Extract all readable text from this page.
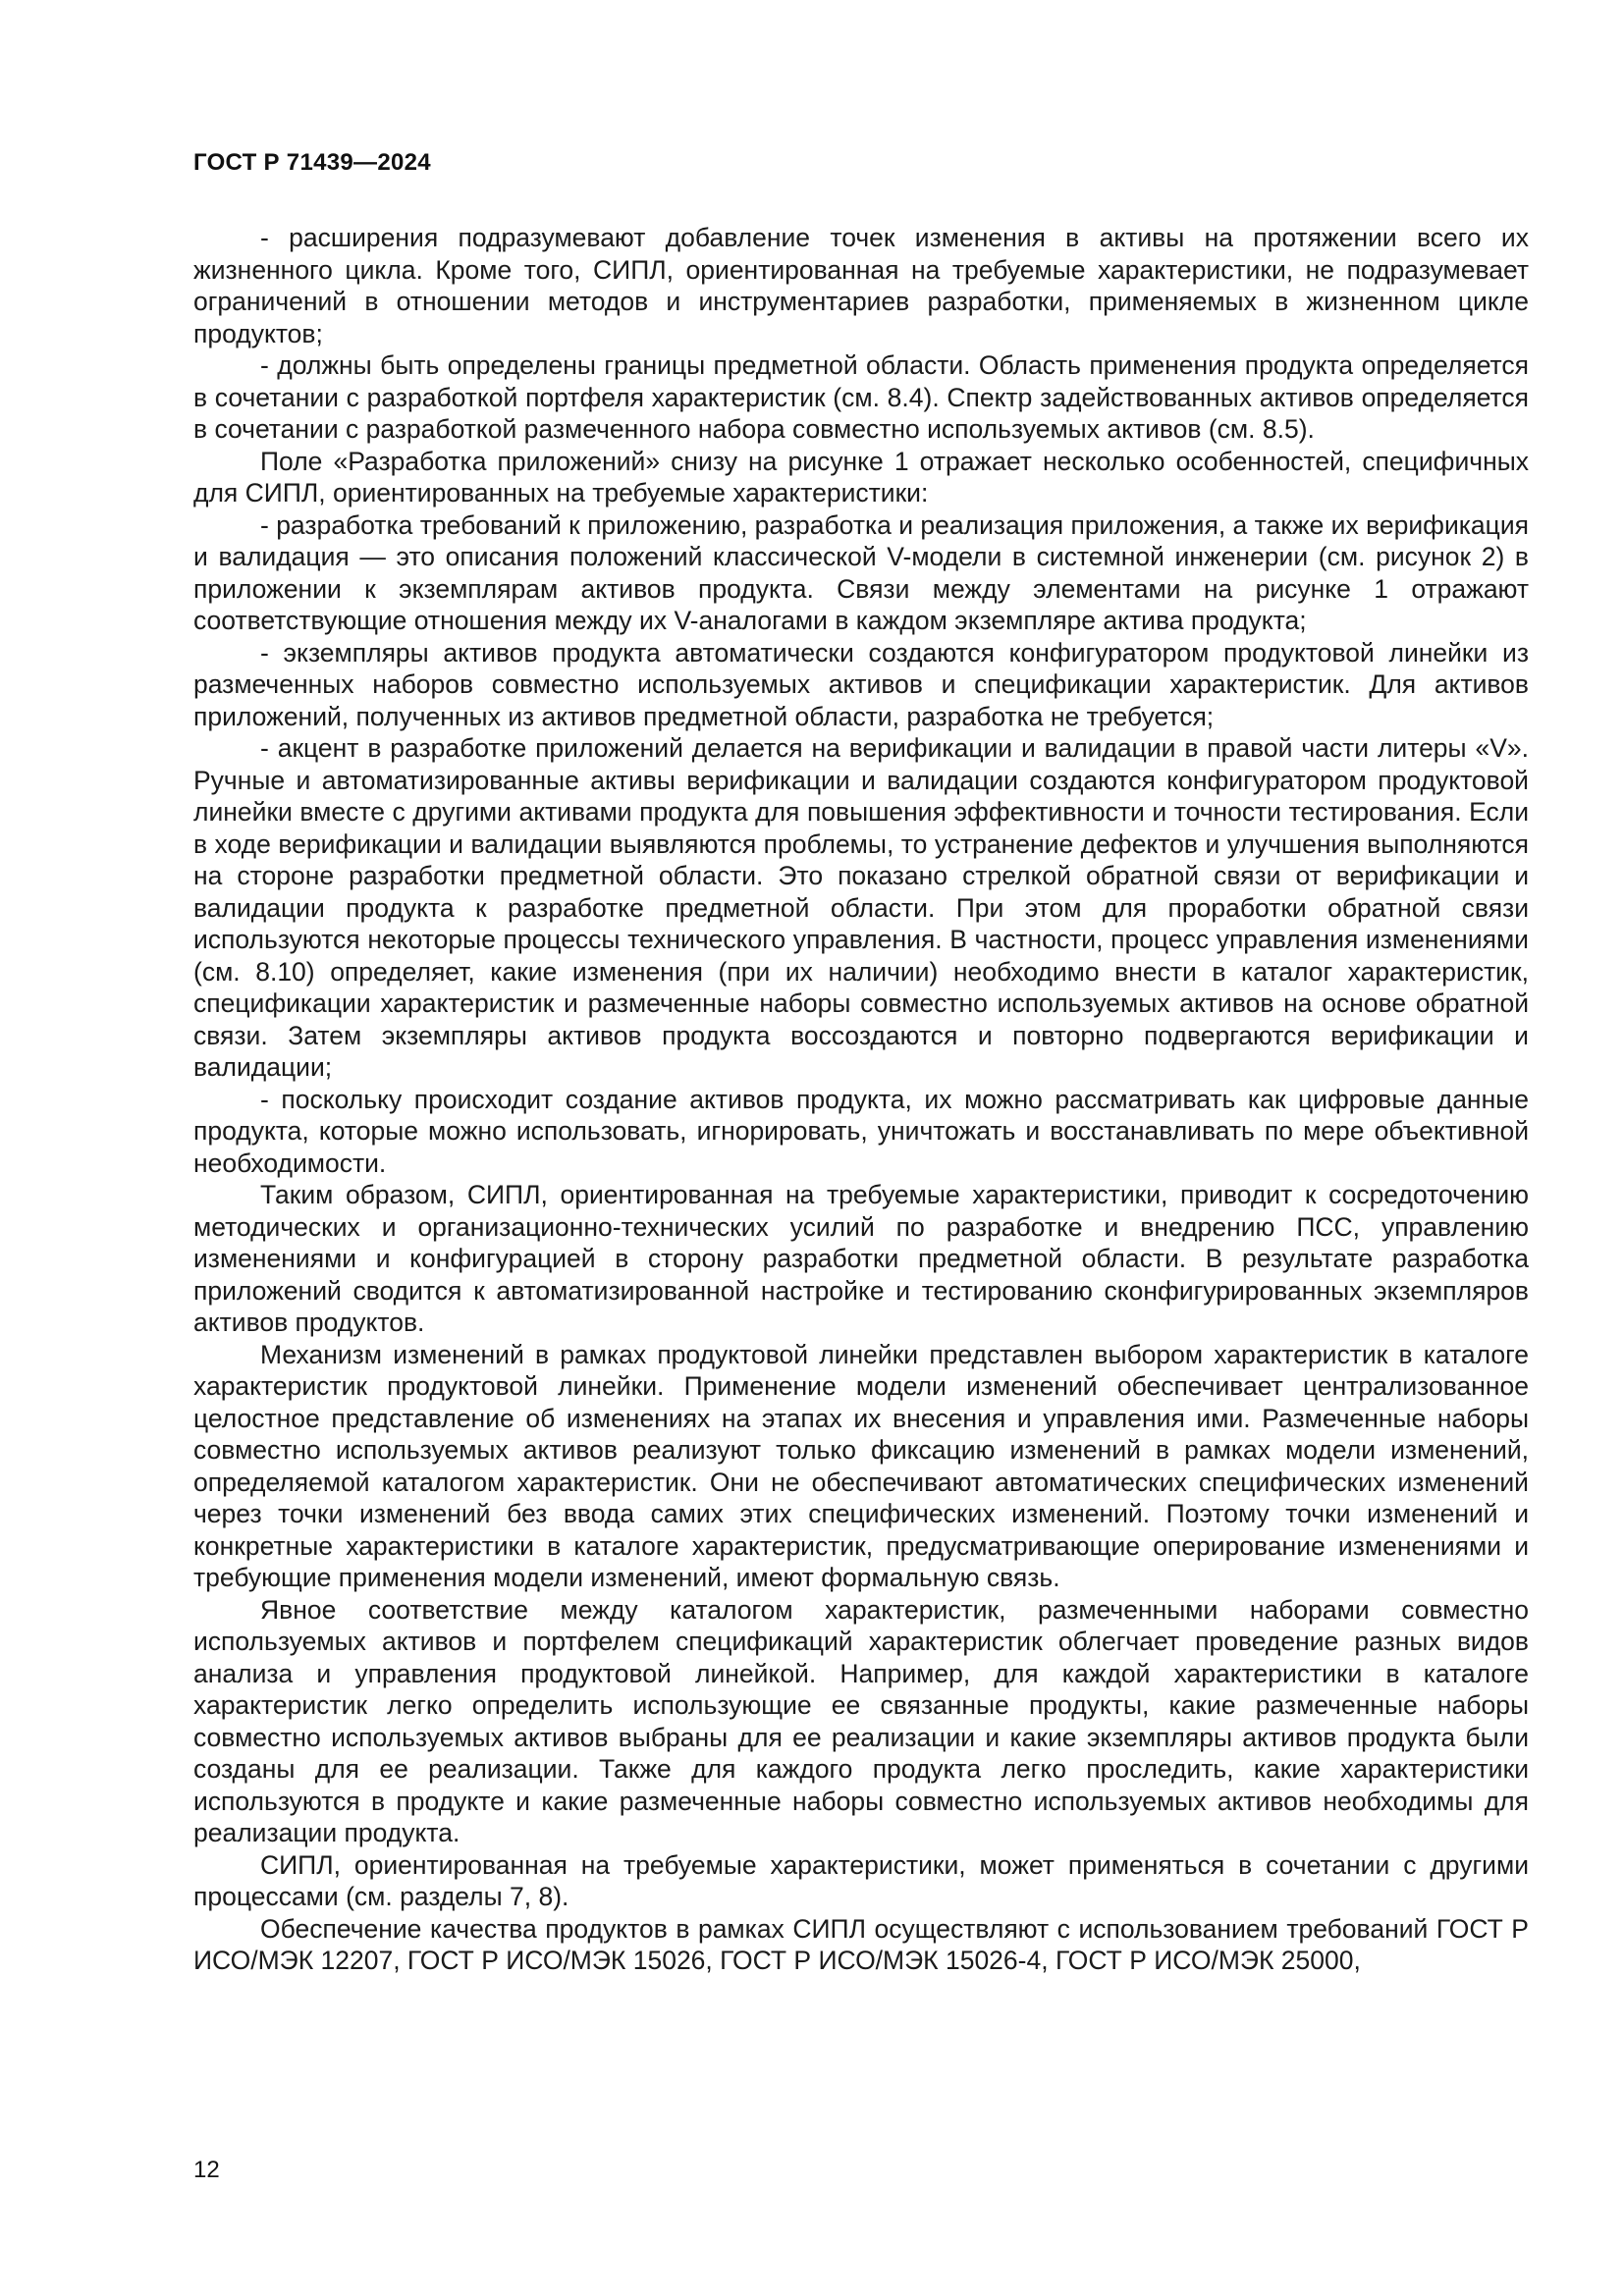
ГОСТ Р 71439—2024

- расширения подразумевают добавление точек изменения в активы на протяжении всего их жизненного цикла. Кроме того, СИПЛ, ориентированная на требуемые характеристики, не подразумевает ограничений в отношении методов и инструментариев разработки, применяемых в жизненном цикле продуктов;

- должны быть определены границы предметной области. Область применения продукта определяется в сочетании с разработкой портфеля характеристик (см. 8.4). Спектр задействованных активов определяется в сочетании с разработкой размеченного набора совместно используемых активов (см. 8.5).

Поле «Разработка приложений» снизу на рисунке 1 отражает несколько особенностей, специфичных для СИПЛ, ориентированных на требуемые характеристики:

- разработка требований к приложению, разработка и реализация приложения, а также их верификация и валидация — это описания положений классической V-модели в системной инженерии (см. рисунок 2) в приложении к экземплярам активов продукта. Связи между элементами на рисунке 1 отражают соответствующие отношения между их V-аналогами в каждом экземпляре актива продукта;

- экземпляры активов продукта автоматически создаются конфигуратором продуктовой линейки из размеченных наборов совместно используемых активов и спецификации характеристик. Для активов приложений, полученных из активов предметной области, разработка не требуется;

- акцент в разработке приложений делается на верификации и валидации в правой части литеры «V». Ручные и автоматизированные активы верификации и валидации создаются конфигуратором продуктовой линейки вместе с другими активами продукта для повышения эффективности и точности тестирования. Если в ходе верификации и валидации выявляются проблемы, то устранение дефектов и улучшения выполняются на стороне разработки предметной области. Это показано стрелкой обратной связи от верификации и валидации продукта к разработке предметной области. При этом для проработки обратной связи используются некоторые процессы технического управления. В частности, процесс управления изменениями (см. 8.10) определяет, какие изменения (при их наличии) необходимо внести в каталог характеристик, спецификации характеристик и размеченные наборы совместно используемых активов на основе обратной связи. Затем экземпляры активов продукта воссоздаются и повторно подвергаются верификации и валидации;

- поскольку происходит создание активов продукта, их можно рассматривать как цифровые данные продукта, которые можно использовать, игнорировать, уничтожать и восстанавливать по мере объективной необходимости.

Таким образом, СИПЛ, ориентированная на требуемые характеристики, приводит к сосредоточению методических и организационно-технических усилий по разработке и внедрению ПСС, управлению изменениями и конфигурацией в сторону разработки предметной области. В результате разработка приложений сводится к автоматизированной настройке и тестированию сконфигурированных экземпляров активов продуктов.

Механизм изменений в рамках продуктовой линейки представлен выбором характеристик в каталоге характеристик продуктовой линейки. Применение модели изменений обеспечивает централизованное целостное представление об изменениях на этапах их внесения и управления ими. Размеченные наборы совместно используемых активов реализуют только фиксацию изменений в рамках модели изменений, определяемой каталогом характеристик. Они не обеспечивают автоматических специфических изменений через точки изменений без ввода самих этих специфических изменений. Поэтому точки изменений и конкретные характеристики в каталоге характеристик, предусматривающие оперирование изменениями и требующие применения модели изменений, имеют формальную связь.

Явное соответствие между каталогом характеристик, размеченными наборами совместно используемых активов и портфелем спецификаций характеристик облегчает проведение разных видов анализа и управления продуктовой линейкой. Например, для каждой характеристики в каталоге характеристик легко определить использующие ее связанные продукты, какие размеченные наборы совместно используемых активов выбраны для ее реализации и какие экземпляры активов продукта были созданы для ее реализации. Также для каждого продукта легко проследить, какие характеристики используются в продукте и какие размеченные наборы совместно используемых активов необходимы для реализации продукта.

СИПЛ, ориентированная на требуемые характеристики, может применяться в сочетании с другими процессами (см. разделы 7, 8).

Обеспечение качества продуктов в рамках СИПЛ осуществляют с использованием требований ГОСТ Р ИСО/МЭК 12207, ГОСТ Р ИСО/МЭК 15026, ГОСТ Р ИСО/МЭК 15026-4, ГОСТ Р ИСО/МЭК 25000,

12
